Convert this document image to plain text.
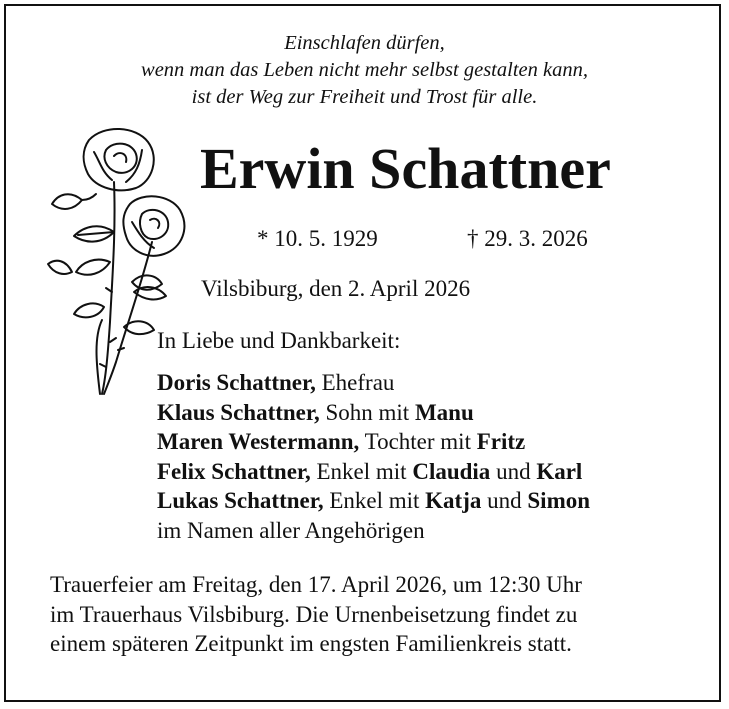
Einschlafen dürfen,
wenn man das Leben nicht mehr selbst gestalten kann,
ist der Weg zur Freiheit und Trost für alle.
Erwin Schattner
* 10. 5. 1929	† 29. 3. 2026
Vilsbiburg, den 2. April 2026
In Liebe und Dankbarkeit:
Doris Schattner, Ehefrau
Klaus Schattner, Sohn mit Manu
Maren Westermann, Tochter mit Fritz
Felix Schattner, Enkel mit Claudia und Karl
Lukas Schattner, Enkel mit Katja und Simon
im Namen aller Angehörigen
Trauerfeier am Freitag, den 17. April 2026, um 12:30 Uhr
im Trauerhaus Vilsbiburg. Die Urnenbeisetzung findet zu
einem späteren Zeitpunkt im engsten Familienkreis statt.
